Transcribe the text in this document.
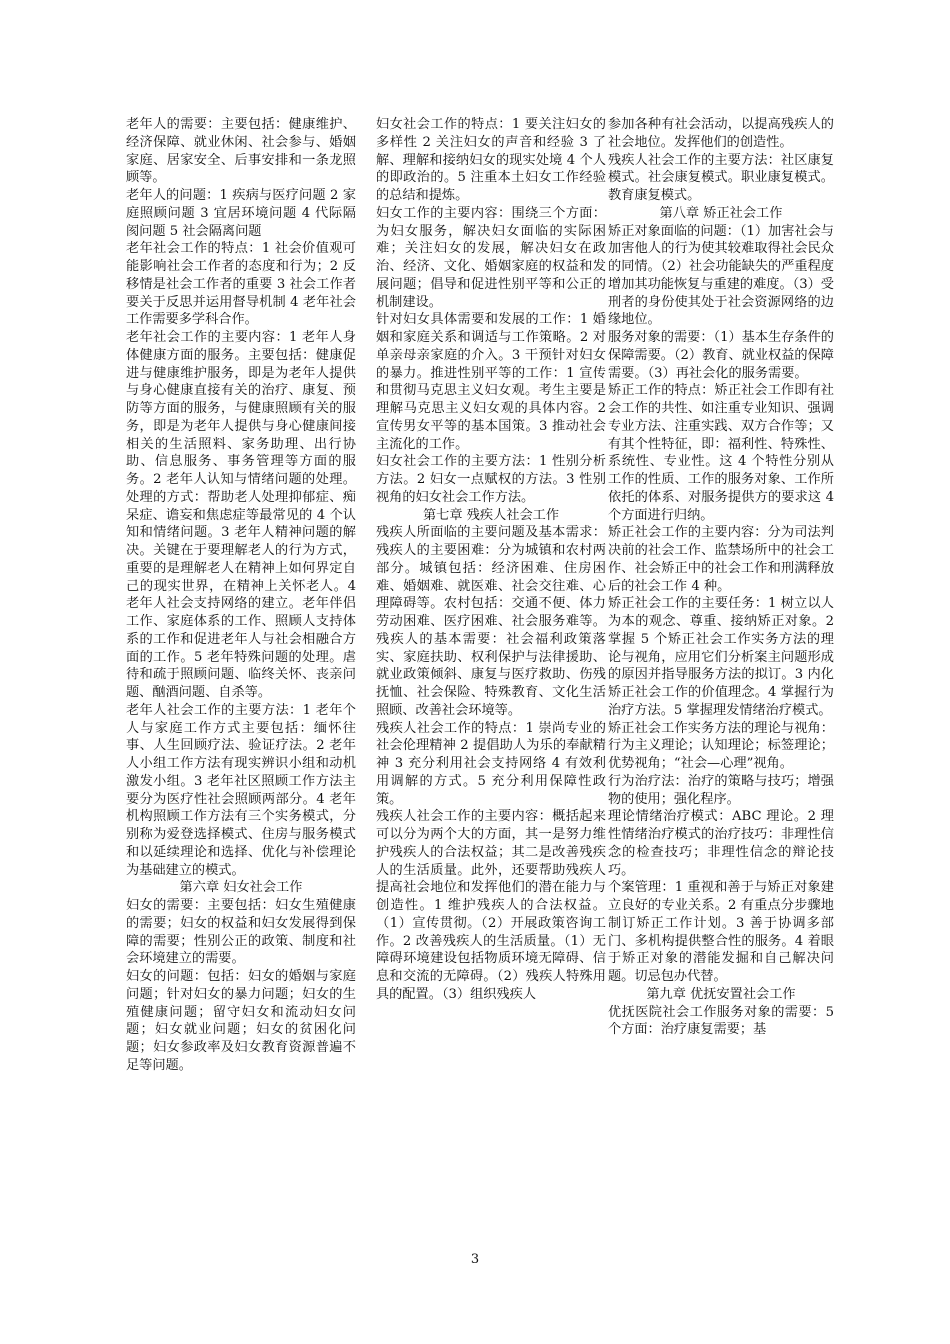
老年人的需要：主要包括：健康维护、经济保障、就业休闲、社会参与、婚姻家庭、居家安全、后事安排和一条龙照顾等。

老年人的问题：1 疾病与医疗问题 2 家庭照顾问题 3 宜居环境问题 4 代际隔阂问题 5 社会隔离问题

老年社会工作的特点：1 社会价值观可能影响社会工作者的态度和行为；2 反移情是社会工作者的重要 3 社会工作者要关于反思并运用督导机制 4 老年社会工作需要多学科合作。

老年社会工作的主要内容：1 老年人身体健康方面的服务。主要包括：健康促进与健康维护服务，即是为老年人提供与身心健康直接有关的治疗、康复、预防等方面的服务，与健康照顾有关的服务，即是为老年人提供与身心健康间接相关的生活照料、家务助理、出行协助、信息服务、事务管理等方面的服务。2 老年人认知与情绪问题的处理。处理的方式：帮助老人处理抑郁症、痴呆症、谵妄和焦虑症等最常见的 4 个认知和情绪问题。3 老年人精神问题的解决。关键在于要理解老人的行为方式，重要的是理解老人在精神上如何界定自己的现实世界，在精神上关怀老人。4 老年人社会支持网络的建立。老年伴侣工作、家庭体系的工作、照顾人支持体系的工作和促进老年人与社会相融合方面的工作。5 老年特殊问题的处理。虐待和疏于照顾问题、临终关怀、丧亲问题、酗酒问题、自杀等。

老年人社会工作的主要方法：1 老年个人与家庭工作方式主要包括：缅怀往事、人生回顾疗法、验证疗法。2 老年人小组工作方法有现实辨识小组和动机激发小组。3 老年社区照顾工作方法主要分为医疗性社会照顾两部分。4 老年机构照顾工作方法有三个实务模式，分别称为爱登选择模式、住房与服务模式和以延续理论和选择、优化与补偿理论为基础建立的模式。

第六章 妇女社会工作

妇女的需要：主要包括：妇女生殖健康的需要；妇女的权益和妇女发展得到保障的需要；性别公正的政策、制度和社会环境建立的需要。

妇女的问题：包括：妇女的婚姻与家庭问题；针对妇女的暴力问题；妇女的生殖健康问题；留守妇女和流动妇女问题；妇女就业问题；妇女的贫困化问题；妇女参政率及妇女教育资源普遍不足等问题。

妇女社会工作的特点：1 要关注妇女的多样性 2 关注妇女的声音和经验 3 了解、理解和接纳妇女的现实处境 4 个人的即政治的。5 注重本土妇女工作经验的总结和提炼。

妇女工作的主要内容：围绕三个方面：为妇女服务，解决妇女面临的实际困难；关注妇女的发展，解决妇女在政治、经济、文化、婚姻家庭的权益和发展问题；倡导和促进性别平等和公正的机制建设。

针对妇女具体需要和发展的工作：1 婚姻和家庭关系和调适与工作策略。2 对单亲母亲家庭的介入。3 干预针对妇女的暴力。推进性别平等的工作：1 宣传和贯彻马克思主义妇女观。考生主要是理解马克思主义妇女观的具体内容。2 宣传男女平等的基本国策。3 推动社会主流化的工作。

妇女社会工作的主要方法：1 性别分析方法。2 妇女一点赋权的方法。3 性别视角的妇女社会工作方法。

第七章 残疾人社会工作

残疾人所面临的主要问题及基本需求：残疾人的主要困难：分为城镇和农村两部分。城镇包括：经济困难、住房困难、婚姻难、就医难、社会交往难、心理障碍等。农村包括：交通不便、体力劳动困难、医疗困难、社会服务难等。残疾人的基本需要：社会福利政策落实、家庭扶助、权利保护与法律援助、就业政策倾斜、康复与医疗救助、伤残抚恤、社会保险、特殊教育、文化生活照顾、改善社会环境等。

残疾人社会工作的特点：1 崇尚专业的社会伦理精神 2 提倡助人为乐的奉献精神 3 充分利用社会支持网络 4 有效利用调解的方式。5 充分利用保障性政策。

残疾人社会工作的主要内容：概括起来可以分为两个大的方面，其一是努力维护残疾人的合法权益；其二是改善残疾人的生活质量。此外，还要帮助残疾人提高社会地位和发挥他们的潜在能力与创造性。1 维护残疾人的合法权益。（1）宣传贯彻。（2）开展政策咨询工作。2 改善残疾人的生活质量。（1）无障碍环境建设包括物质环境无障碍、信息和交流的无障碍。（2）残疾人特殊用具的配置。（3）组织残疾人

参加各种有社会活动，以提高残疾人的社会地位。发挥他们的创造性。

残疾人社会工作的主要方法：社区康复模式。社会康复模式。职业康复模式。教育康复模式。

第八章 矫正社会工作

矫正对象面临的问题：（1）加害社会与加害他人的行为使其较难取得社会民众的同情。（2）社会功能缺失的严重程度增加其功能恢复与重建的难度。（3）受刑者的身份使其处于社会资源网络的边缘地位。

服务对象的需要：（1）基本生存条件的保障需要。（2）教育、就业权益的保障需要。（3）再社会化的服务需要。

矫正工作的特点：矫正社会工作即有社会工作的共性、如注重专业知识、强调专业方法、注重实践、双方合作等；又有其个性特征，即：福利性、特殊性、系统性、专业性。这 4 个特性分别从工作的性质、工作的服务对象、工作所依托的体系、对服务提供方的要求这 4 个方面进行归纳。

矫正社会工作的主要内容：分为司法判决前的社会工作、监禁场所中的社会工作、社会矫正中的社会工作和刑满释放后的社会工作 4 种。

矫正社会工作的主要任务：1 树立以人为本的观念、尊重、接纳矫正对象。2 掌握 5 个矫正社会工作实务方法的理论与视角，应用它们分析案主问题形成的原因并指导服务方法的拟订。3 内化矫正社会工作的价值理念。4 掌握行为治疗方法。5 掌握理发情绪治疗模式。

矫正社会工作实务方法的理论与视角：行为主义理论；认知理论；标签理论；优势视角；“社会—心理”视角。

行为治疗法：治疗的策略与技巧；增强物的使用；强化程序。

理论情绪治疗模式：ABC 理论。2 理性情绪治疗模式的治疗技巧：非理性信念的检查技巧；非理性信念的辩论技巧。

个案管理：1 重视和善于与矫正对象建立良好的专业关系。2 有重点分步骤地制订矫正工作计划。3 善于协调多部门、多机构提供整合性的服务。4 着眼于矫正对象的潜能发掘和自己解决问题。切忌包办代替。

第九章 优抚安置社会工作

优抚医院社会工作服务对象的需要：5 个方面：治疗康复需要；基

3
